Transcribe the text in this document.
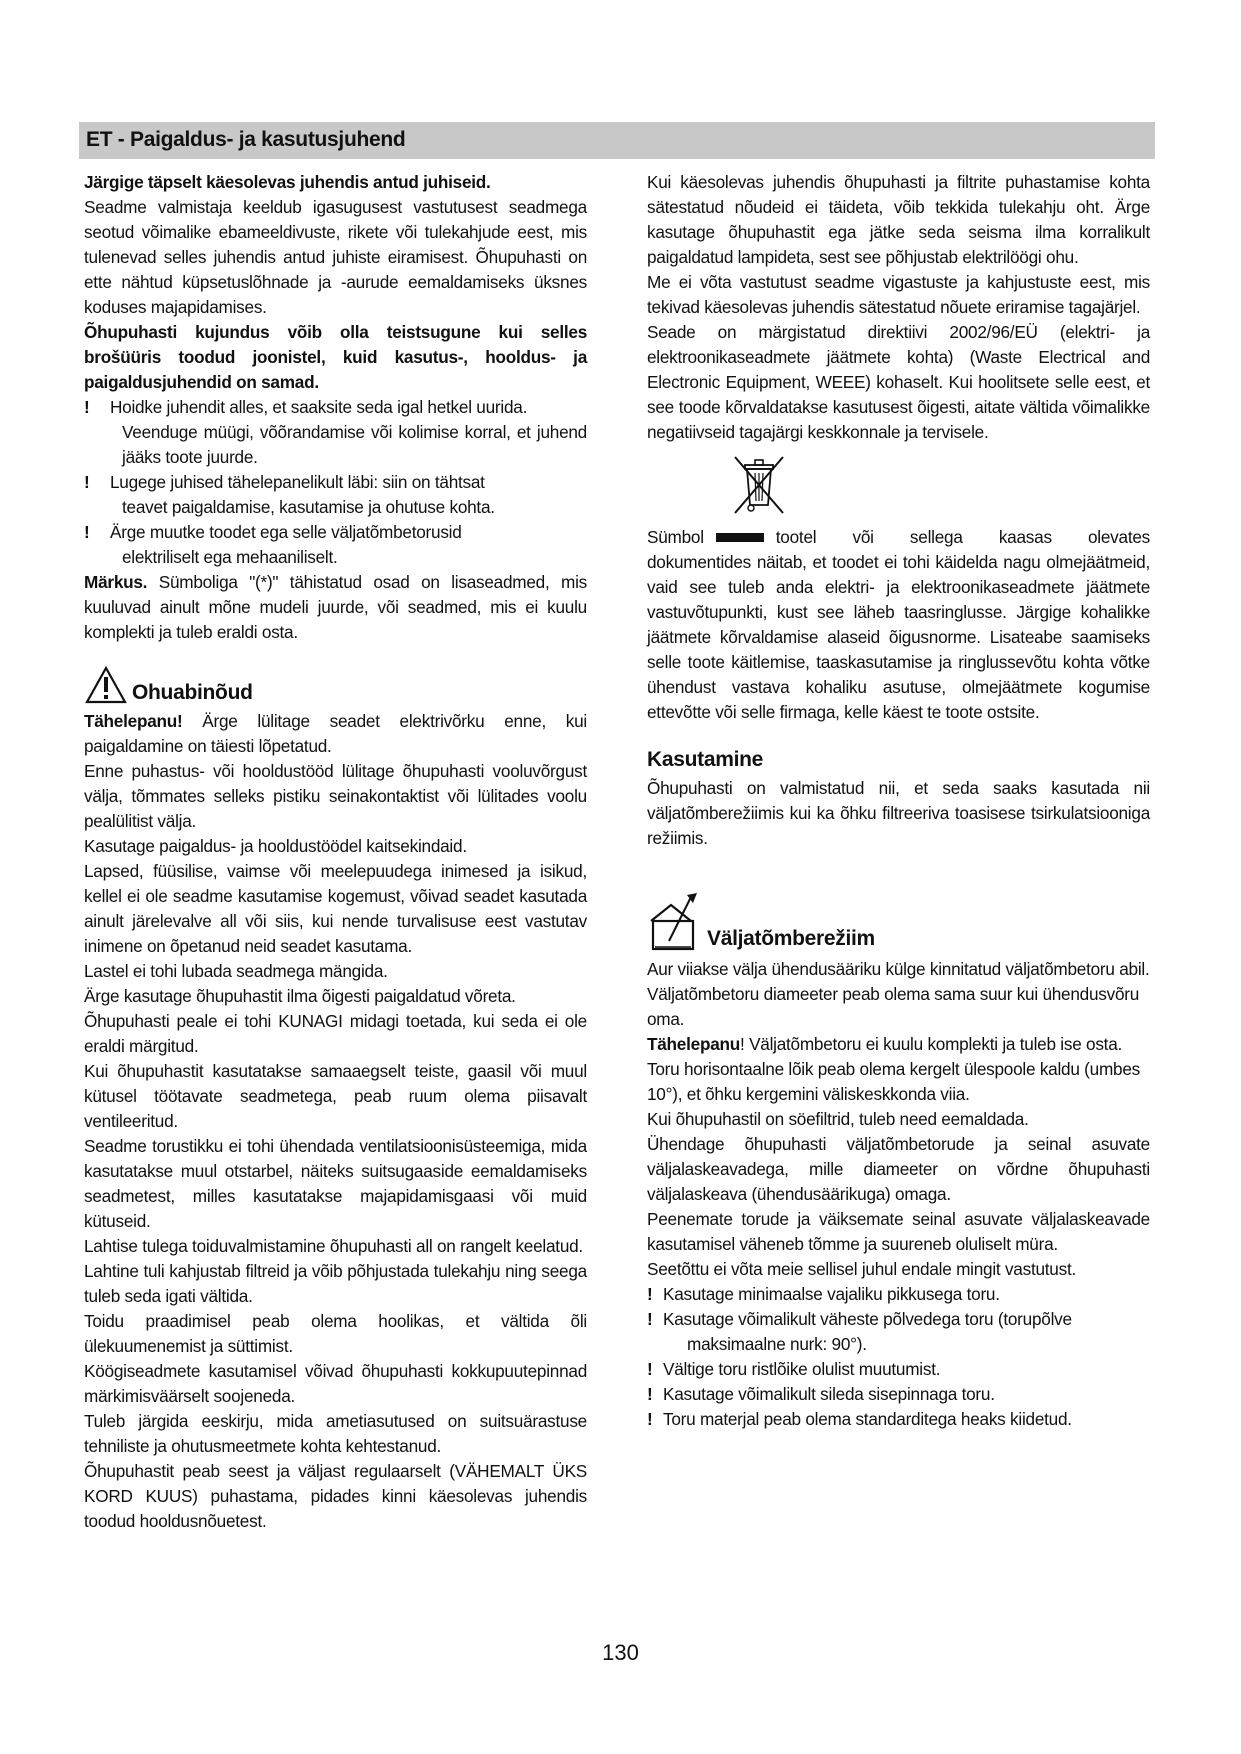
ET - Paigaldus- ja kasutusjuhend

Järgige täpselt käesolevas juhendis antud juhiseid.

Seadme valmistaja keeldub igasugusest vastutusest seadmega seotud võimalike ebameeldivuste, rikete või tulekahjude eest, mis tulenevad selles juhendis antud juhiste eiramisest. Õhupuhasti on ette nähtud küpsetuslõhnade ja -aurude eemaldamiseks üksnes koduses majapidamises.

Õhupuhasti kujundus võib olla teistsugune kui selles brošüüris toodud joonistel, kuid kasutus-, hooldus- ja paigaldusjuhendid on samad.

!	Hoidke juhendit alles, et saaksite seda igal hetkel uurida.
Veenduge müügi, võõrandamise või kolimise korral, et juhend jääks toote juurde.
!	Lugege juhised tähelepanelikult läbi: siin on tähtsat
teavet paigaldamise, kasutamise ja ohutuse kohta.
!	Ärge muutke toodet ega selle väljatõmbetorusid
elektriliselt ega mehaaniliselt.

Märkus. Sümboliga "(*)" tähistatud osad on lisaseadmed, mis kuuluvad ainult mõne mudeli juurde, või seadmed, mis ei kuulu komplekti ja tuleb eraldi osta.

Ohuabinõud

Tähelepanu! Ärge lülitage seadet elektrivõrku enne, kui paigaldamine on täiesti lõpetatud.

Enne puhastus- või hooldustööd lülitage õhupuhasti vooluvõrgust välja, tõmmates selleks pistiku seinakontaktist või lülitades voolu pealülitist välja.

Kasutage paigaldus- ja hooldustöödel kaitsekindaid.

Lapsed, füüsilise, vaimse või meelepuudega inimesed ja isikud, kellel ei ole seadme kasutamise kogemust, võivad seadet kasutada ainult järelevalve all või siis, kui nende turvalisuse eest vastutav inimene on õpetanud neid seadet kasutama.

Lastel ei tohi lubada seadmega mängida.

Ärge kasutage õhupuhastit ilma õigesti paigaldatud võreta.

Õhupuhasti peale ei tohi KUNAGI midagi toetada, kui seda ei ole eraldi märgitud.

Kui õhupuhastit kasutatakse samaaegselt teiste, gaasil või muul kütusel töötavate seadmetega, peab ruum olema piisavalt ventileeritud.

Seadme torustikku ei tohi ühendada ventilatsioonisüsteemiga, mida kasutatakse muul otstarbel, näiteks suitsugaaside eemaldamiseks seadmetest, milles kasutatakse majapidamisgaasi või muid kütuseid.

Lahtise tulega toiduvalmistamine õhupuhasti all on rangelt keelatud.

Lahtine tuli kahjustab filtreid ja võib põhjustada tulekahju ning seega tuleb seda igati vältida.

Toidu praadimisel peab olema hoolikas, et vältida õli ülekuumenemist ja süttimist.

Köögiseadmete kasutamisel võivad õhupuhasti kokkupuutepinnad märkimisväärselt soojeneda.

Tuleb järgida eeskirju, mida ametiasutused on suitsuärastuse tehniliste ja ohutusmeetmete kohta kehtestanud.

Õhupuhastit peab seest ja väljast regulaarselt (VÄHEMALT ÜKS KORD KUUS) puhastama, pidades kinni käesolevas juhendis toodud hooldusnõuetest.

Kui käesolevas juhendis õhupuhasti ja filtrite puhastamise kohta sätestatud nõudeid ei täideta, võib tekkida tulekahju oht. Ärge kasutage õhupuhastit ega jätke seda seisma ilma korralikult paigaldatud lampideta, sest see põhjustab elektrilöögi ohu.

Me ei võta vastutust seadme vigastuste ja kahjustuste eest, mis tekivad käesolevas juhendis sätestatud nõuete eriramise tagajärjel.

Seade on märgistatud direktiivi 2002/96/EÜ (elektri- ja elektroonikaseadmete jäätmete kohta) (Waste Electrical and Electronic Equipment, WEEE) kohaselt. Kui hoolitsete selle eest, et see toode kõrvaldatakse kasutusest õigesti, aitate vältida võimalikke negatiivseid tagajärgi keskkonnale ja tervisele.

Sümbol	tootel või sellega kaasas olevates

dokumentides näitab, et toodet ei tohi käidelda nagu olmejäätmeid, vaid see tuleb anda elektri- ja elektroonikaseadmete jäätmete vastuvõtupunkti, kust see läheb taasringlusse. Järgige kohalikke jäätmete kõrvaldamise alaseid õigusnorme. Lisateabe saamiseks selle toote käitlemise, taaskasutamise ja ringlussevõtu kohta võtke ühendust vastava kohaliku asutuse, olmejäätmete kogumise ettevõtte või selle firmaga, kelle käest te toote ostsite.

Kasutamine

Õhupuhasti on valmistatud nii, et seda saaks kasutada nii väljatõmberežiimis kui ka õhku filtreeriva toasisese tsirkulatsiooniga režiimis.

Väljatõmberežiim

Aur viiakse välja ühendusääriku külge kinnitatud väljatõmbetoru abil.

Väljatõmbetoru diameeter peab olema sama suur kui ühendusvõru oma.

Tähelepanu! Väljatõmbetoru ei kuulu komplekti ja tuleb ise osta.

Toru horisontaalne lõik peab olema kergelt ülespoole kaldu (umbes 10°), et õhku kergemini väliskeskkonda viia.

Kui õhupuhastil on söefiltrid, tuleb need eemaldada.

Ühendage õhupuhasti väljatõmbetorude ja seinal asuvate väljalaskeavadega, mille diameeter on võrdne õhupuhasti väljalaskeava (ühendusäärikuga) omaga.

Peenemate torude ja väiksemate seinal asuvate väljalaskeavade kasutamisel väheneb tõmme ja suureneb oluliselt müra.

Seetõttu ei võta meie sellisel juhul endale mingit vastutust.

! Kasutage minimaalse vajaliku pikkusega toru.
! Kasutage võimalikult väheste põlvedega toru (torupõlve
maksimaalne nurk: 90°).
! Vältige toru ristlõike olulist muutumist.
! Kasutage võimalikult sileda sisepinnaga toru.
! Toru materjal peab olema standarditega heaks kiidetud.
130
